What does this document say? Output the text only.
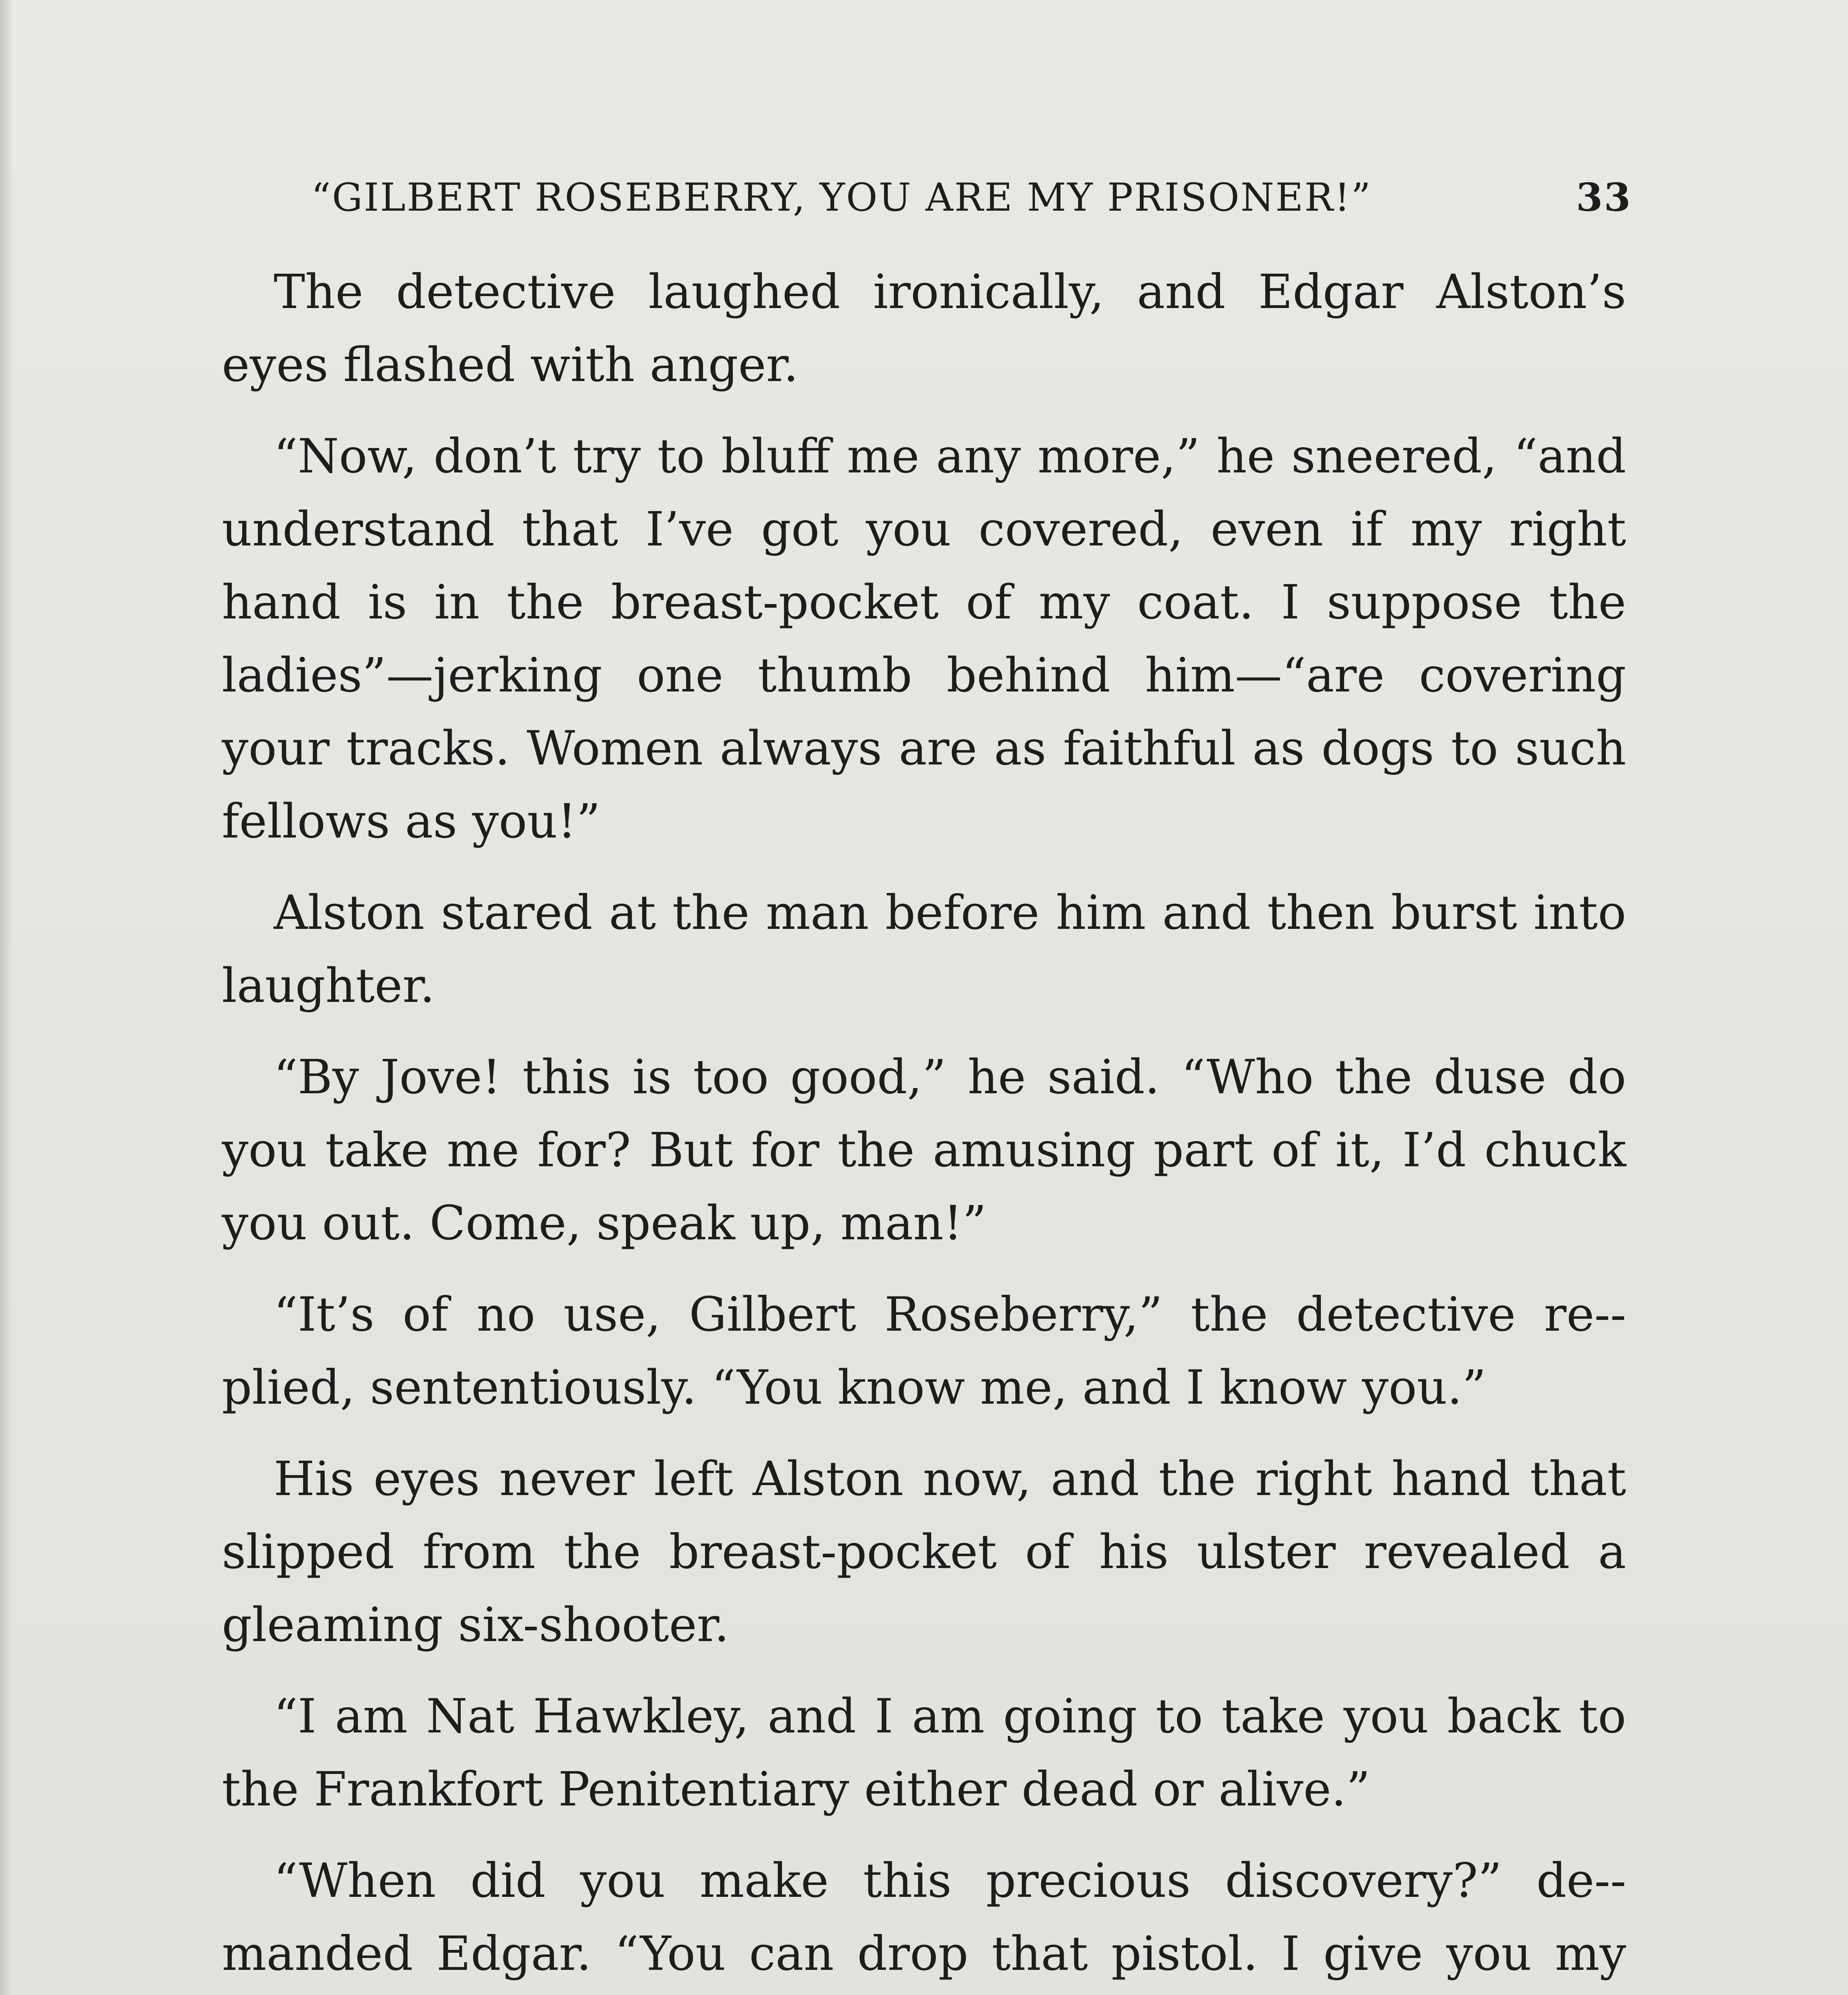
“GILBERT ROSEBERRY, YOU ARE MY PRISONER!”	33

The detective laughed ironically, and Edgar Alston’s eyes flashed with anger.

“Now, don’t try to bluff me any more,” he sneered, “and understand that I’ve got you covered, even if my right hand is in the breast-pocket of my coat. I suppose the ladies”—jerking one thumb behind him—“are covering your tracks. Women always are as faithful as dogs to such fellows as you!”

Alston stared at the man before him and then burst into laughter.

“By Jove! this is too good,” he said. “Who the duse do you take me for? But for the amusing part of it, I’d chuck you out. Come, speak up, man!”

“It’s of no use, Gilbert Roseberry,” the detective re-plied, sententiously. “You know me, and I know you.”

His eyes never left Alston now, and the right hand that slipped from the breast-pocket of his ulster revealed a gleaming six-shooter.

“I am Nat Hawkley, and I am going to take you back to the Frankfort Penitentiary either dead or alive.”

“When did you make this precious discovery?” de-manded Edgar. “You can drop that pistol. I give you my
